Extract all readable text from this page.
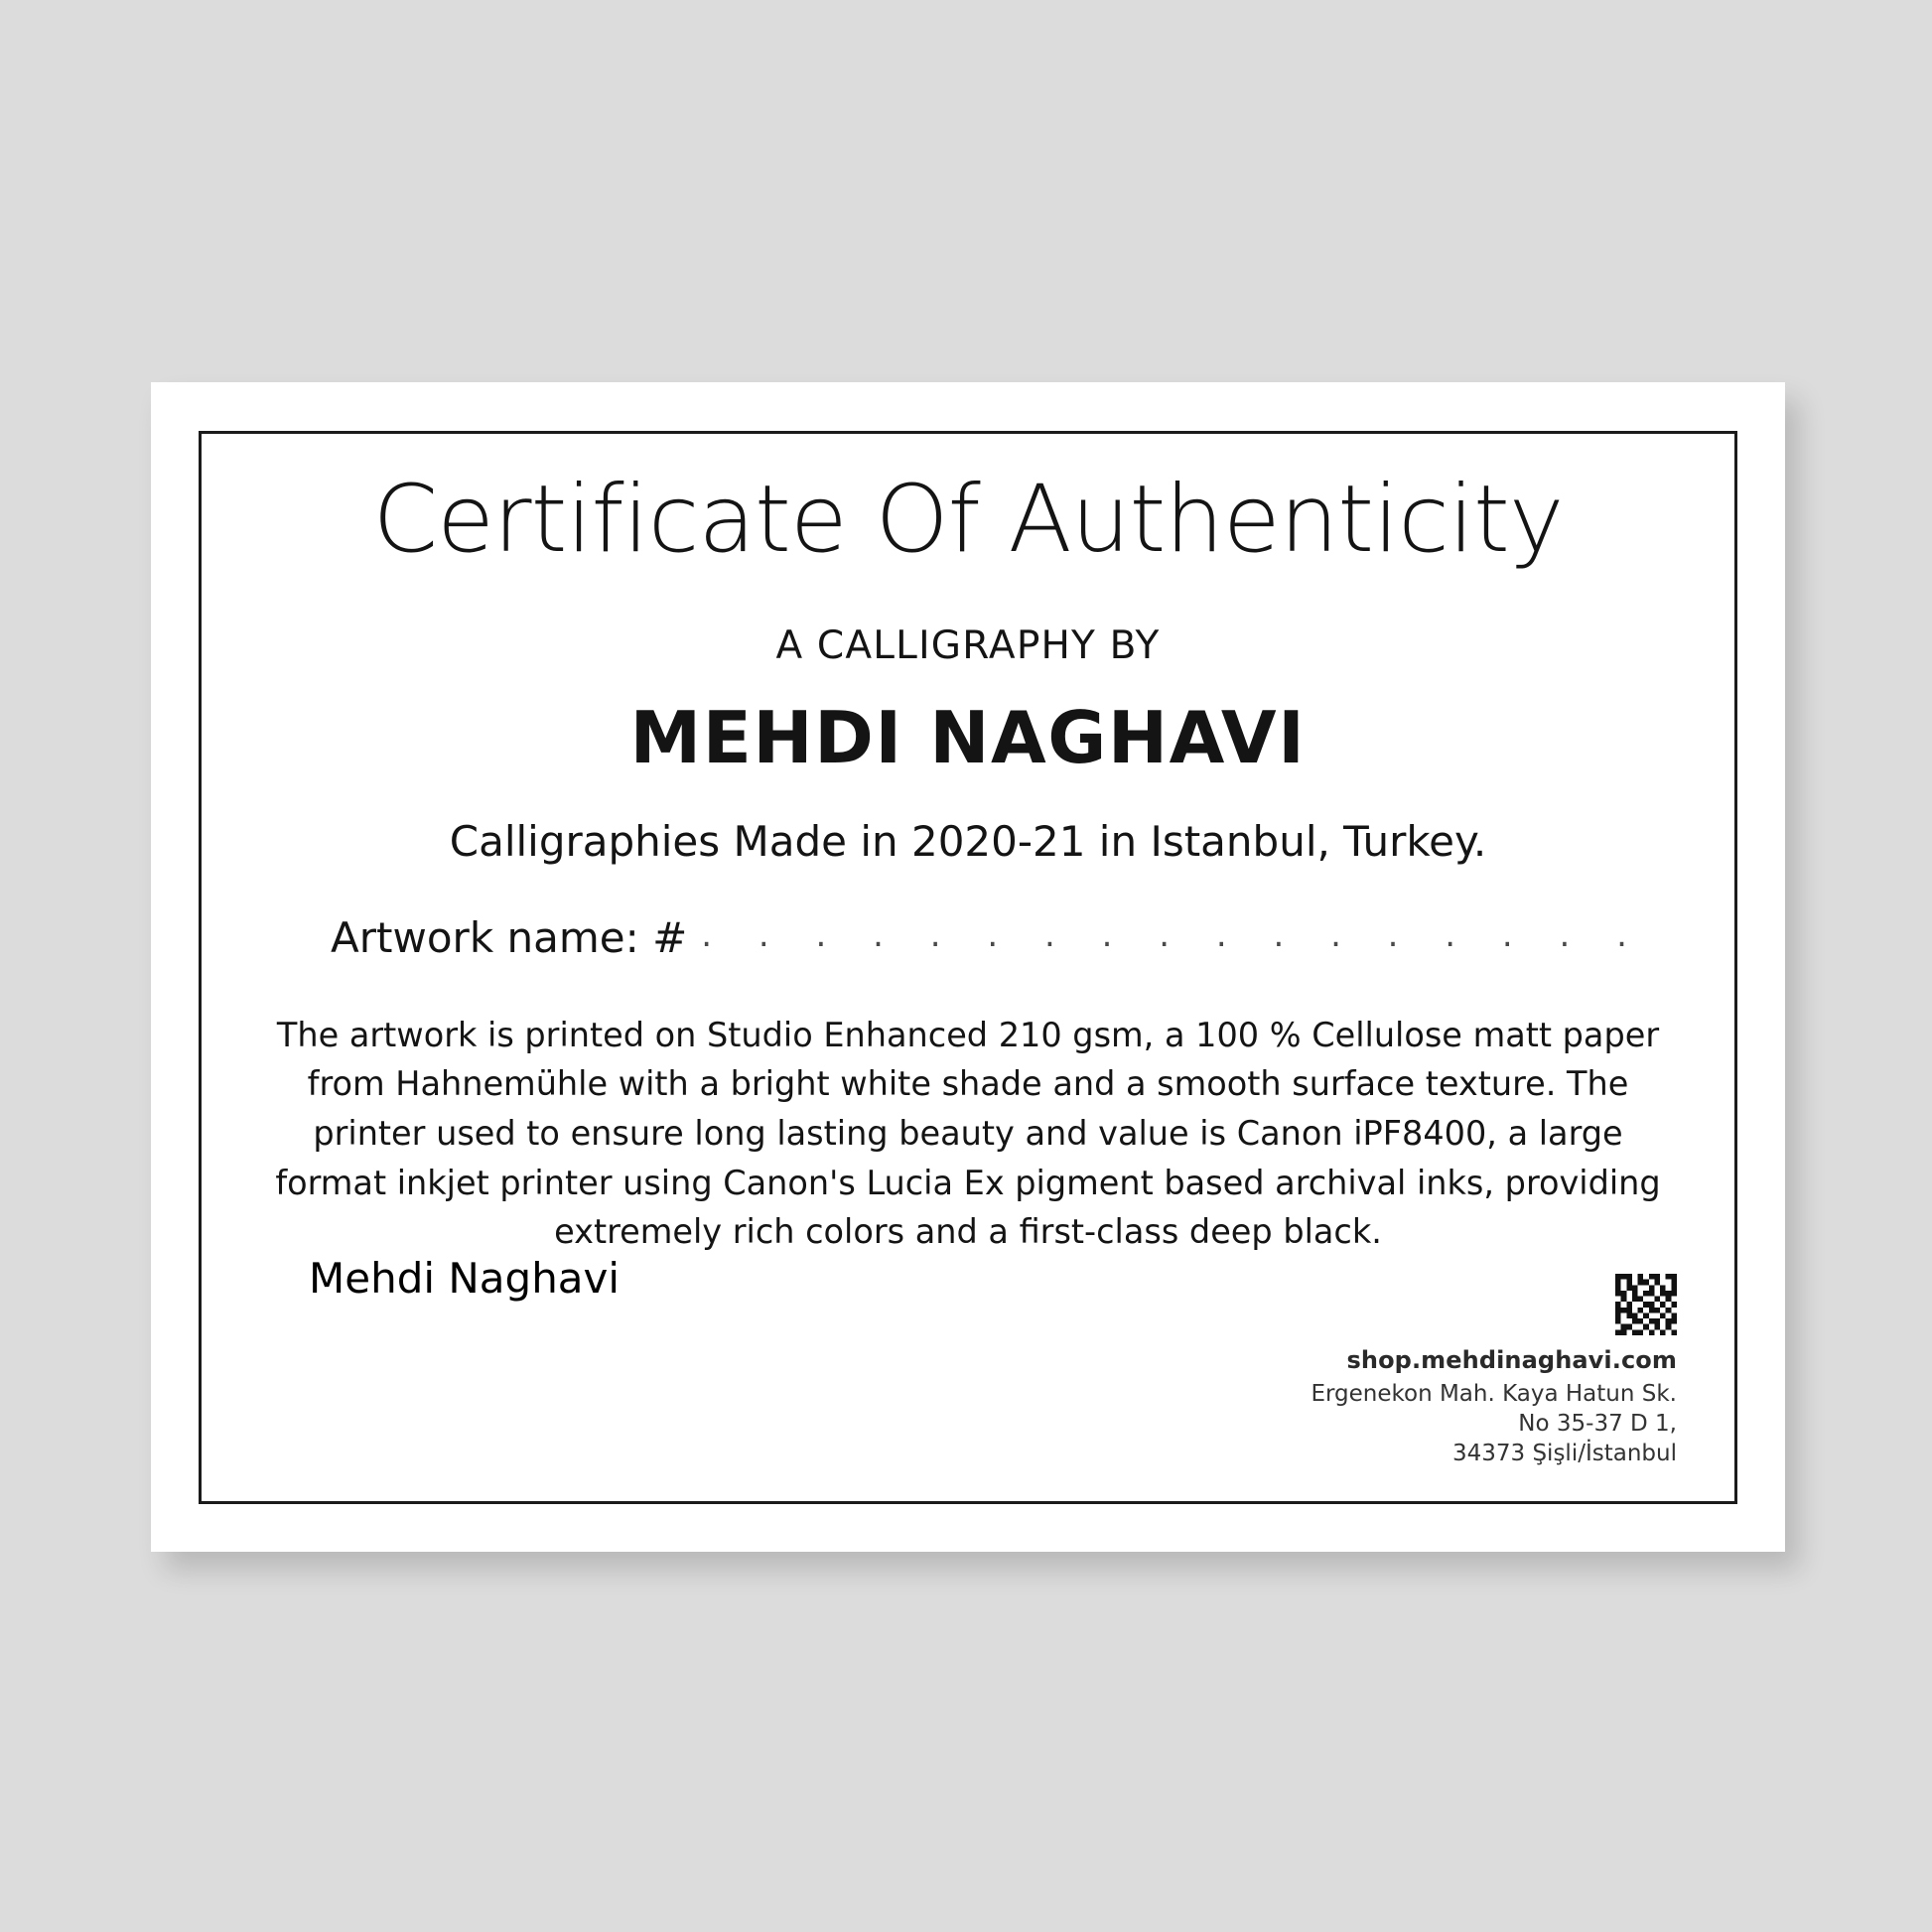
Certificate Of Authenticity
A CALLIGRAPHY BY
MEHDI NAGHAVI
Calligraphies Made in 2020-21 in Istanbul, Turkey.
Artwork name: # . . . . . . . . . . . . . . . . .
The artwork is printed on Studio Enhanced 210 gsm, a 100 % Cellulose matt paper from Hahnemühle with a bright white shade and a smooth surface texture. The printer used to ensure long lasting beauty and value is Canon iPF8400, a large format inkjet printer using Canon's Lucia Ex pigment based archival inks, providing extremely rich colors and a first-class deep black.
Mehdi Naghavi
shop.mehdinaghavi.com
Ergenekon Mah. Kaya Hatun Sk.
No 35-37 D 1,
34373 Şişli/İstanbul
